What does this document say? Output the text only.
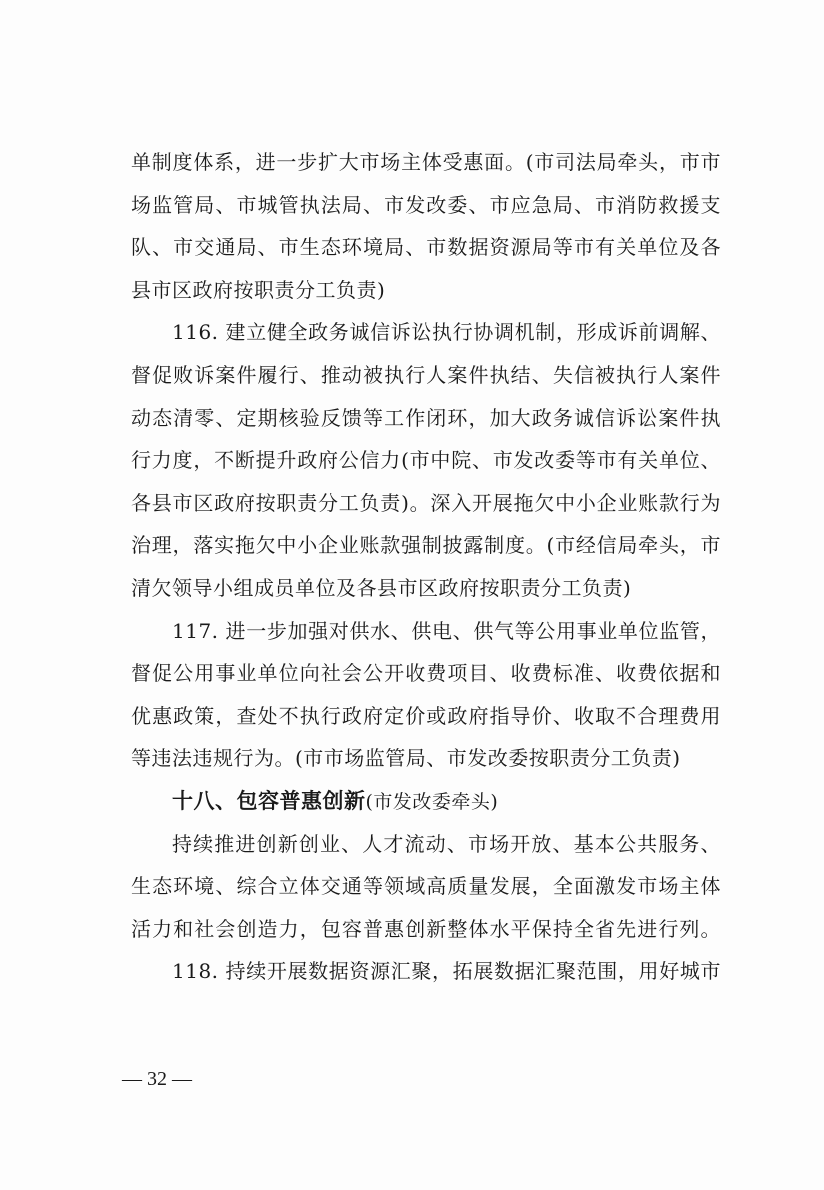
单制度体系，进一步扩大市场主体受惠面。(市司法局牵头，市市
场监管局、市城管执法局、市发改委、市应急局、市消防救援支
队、市交通局、市生态环境局、市数据资源局等市有关单位及各
县市区政府按职责分工负责)
116. 建立健全政务诚信诉讼执行协调机制，形成诉前调解、
督促败诉案件履行、推动被执行人案件执结、失信被执行人案件
动态清零、定期核验反馈等工作闭环，加大政务诚信诉讼案件执
行力度，不断提升政府公信力(市中院、市发改委等市有关单位、
各县市区政府按职责分工负责)。深入开展拖欠中小企业账款行为
治理，落实拖欠中小企业账款强制披露制度。(市经信局牵头，市
清欠领导小组成员单位及各县市区政府按职责分工负责)
117. 进一步加强对供水、供电、供气等公用事业单位监管，
督促公用事业单位向社会公开收费项目、收费标准、收费依据和
优惠政策，查处不执行政府定价或政府指导价、收取不合理费用
等违法违规行为。(市市场监管局、市发改委按职责分工负责)
十八、包容普惠创新(市发改委牵头)
持续推进创新创业、人才流动、市场开放、基本公共服务、
生态环境、综合立体交通等领域高质量发展，全面激发市场主体
活力和社会创造力，包容普惠创新整体水平保持全省先进行列。
118. 持续开展数据资源汇聚，拓展数据汇聚范围，用好城市
— 32 —
